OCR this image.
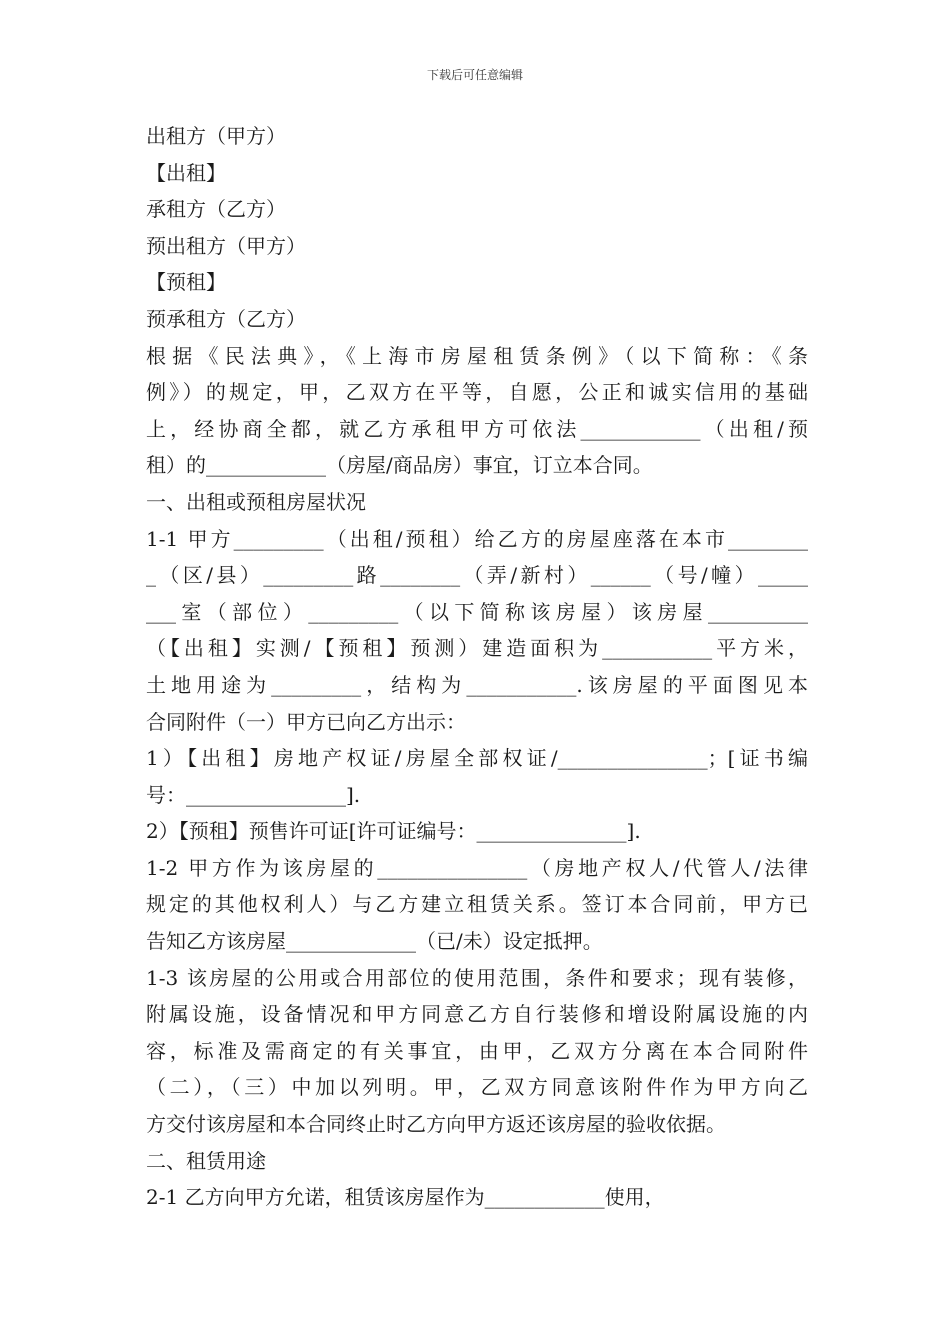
下载后可任意编辑
出租方（甲方）
【出租】
承租方（乙方）
预出租方（甲方）
【预租】
预承租方（乙方）
根据《民法典》，《上海市房屋租赁条例》（以下简称：《条
例》）的规定，甲，乙双方在平等，自愿，公正和诚实信用的基础
上，经协商全都，就乙方承租甲方可依法____________（出租/预
租）的____________（房屋/商品房）事宜，订立本合同。
一、出租或预租房屋状况
1-1 甲方_________（出租/预租）给乙方的房屋座落在本市________
_（区/县）_________路________（弄/新村）______（号/幢）_____
___室（部位）_________（以下简称该房屋）该房屋__________
（【出租】实测/【预租】预测）建造面积为___________平方米，
土地用途为_________，结构为___________.该房屋的平面图见本
合同附件（一）甲方已向乙方出示：
1）【出租】房地产权证/房屋全部权证/_______________；[证书编
号：________________].
2）【预租】预售许可证[许可证编号：_______________].
1-2 甲方作为该房屋的_______________（房地产权人/代管人/法律
规定的其他权利人）与乙方建立租赁关系。签订本合同前，甲方已
告知乙方该房屋_____________（已/未）设定抵押。
1-3 该房屋的公用或合用部位的使用范围，条件和要求；现有装修，
附属设施，设备情况和甲方同意乙方自行装修和增设附属设施的内
容，标准及需商定的有关事宜，由甲，乙双方分离在本合同附件
（二），（三）中加以列明。甲，乙双方同意该附件作为甲方向乙
方交付该房屋和本合同终止时乙方向甲方返还该房屋的验收依据。
二、租赁用途
2-1 乙方向甲方允诺，租赁该房屋作为____________使用，
